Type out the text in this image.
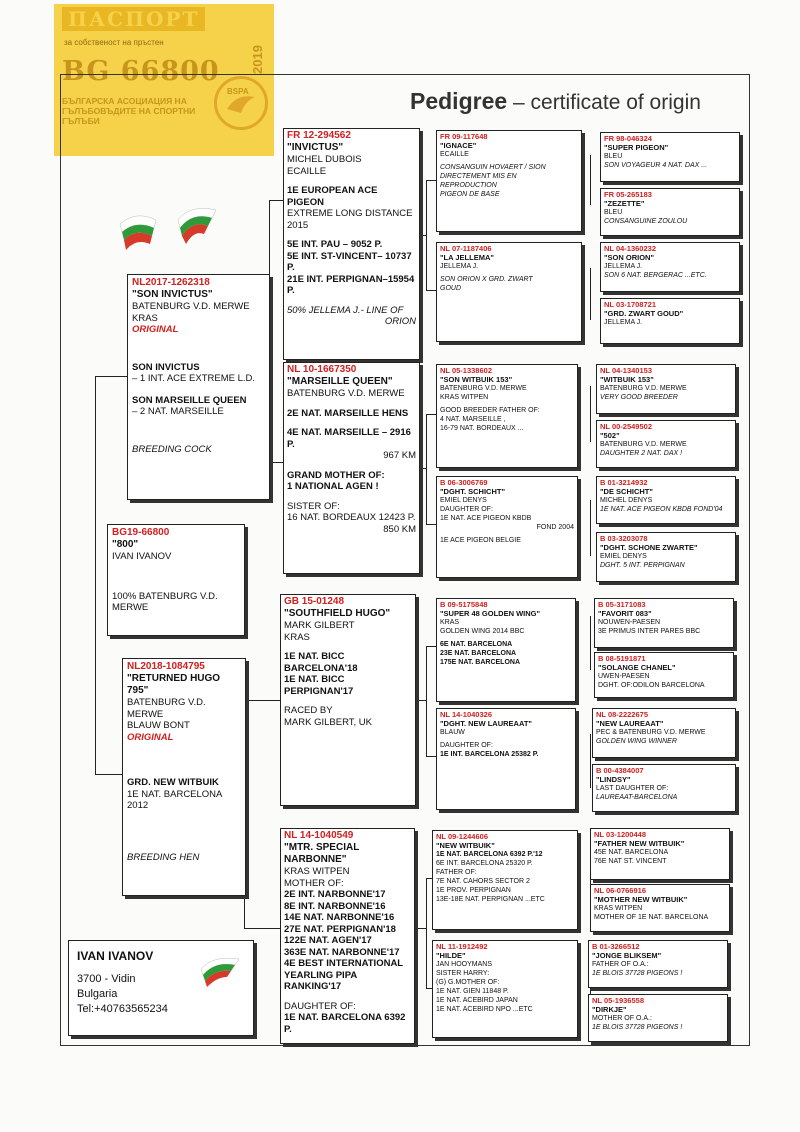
ПАСПОРТ
за собственост на пръстен
BG 66800 2019
БЪЛГАРСКА АСОЦИАЦИЯ НА ГЪЛЪБОВЪДИТЕ НА СПОРТНИ ГЪЛЪБИ
BSPA	Pedigree – certificate of origin
NL2017-1262318
"SON INVICTUS"
BATENBURG V.D. MERWE
KRAS
ORIGINAL
SON INVICTUS
– 1 INT. ACE EXTREME L.D.
SON MARSEILLE QUEEN
– 2 NAT. MARSEILLE
BREEDING COCK
BG19-66800
"800"
IVAN IVANOV
100% BATENBURG V.D. MERWE
NL2018-1084795
"RETURNED HUGO 795"
BATENBURG V.D. MERWE
BLAUW BONT
ORIGINAL
GRD. NEW WITBUIK
1E NAT. BARCELONA 2012
BREEDING HEN
IVAN IVANOV
3700 - Vidin
Bulgaria
Tel:+40763565234
FR 12-294562
"INVICTUS"
MICHEL DUBOIS
ECAILLE
1E EUROPEAN ACE PIGEON
EXTREME LONG DISTANCE
2015
5E INT. PAU – 9052 P.
5E INT. ST-VINCENT– 10737 P.
21E INT. PERPIGNAN–15954 P.
50% JELLEMA J.- LINE OF
ORION
NL 10-1667350
"MARSEILLE QUEEN"
BATENBURG V.D. MERWE
2E NAT. MARSEILLE HENS
4E NAT. MARSEILLE – 2916 P.
967 KM
GRAND MOTHER OF:
1 NATIONAL AGEN !
SISTER OF:
16 NAT. BORDEAUX 12423 P.
850 KM
GB 15-01248
"SOUTHFIELD HUGO"
MARK GILBERT
KRAS
1E NAT. BICC BARCELONA'18
1E NAT. BICC PERPIGNAN'17
RACED BY
MARK GILBERT, UK
NL 14-1040549
"MTR. SPECIAL NARBONNE"
KRAS WITPEN
MOTHER OF:
2E INT. NARBONNE'17
8E INT. NARBONNE'16
14E NAT. NARBONNE'16
27E NAT. PERPIGNAN'18
122E NAT. AGEN'17
363E NAT. NARBONNE'17
4E BEST INTERNATIONAL
YEARLING PIPA RANKING'17
DAUGHTER OF:
1E NAT. BARCELONA 6392 P.
FR 09-117648
"IGNACE"
ECAILLE
CONSANGUIN HOVAERT / SION
DIRECTEMENT MIS EN
REPRODUCTION
PIGEON DE BASE
NL 07-1187406
"LA JELLEMA"
JELLEMA J.
SON ORION X GRD. ZWART
GOUD
NL 05-1338602
"SON WITBUIK 153"
BATENBURG V.D. MERWE
KRAS WITPEN
GOOD BREEDER FATHER OF:
4 NAT. MARSEILLE ,
16-79 NAT. BORDEAUX ...
B 06-3006769
"DGHT. SCHICHT"
EMIEL DENYS
DAUGHTER OF:
1E NAT. ACE PIGEON KBDB
FOND 2004
1E ACE PIGEON BELGIE
B 09-5175848
"SUPER 48 GOLDEN WING"
KRAS
GOLDEN WING 2014 BBC
6E NAT. BARCELONA
23E NAT. BARCELONA
175E NAT. BARCELONA
NL 14-1040326
"DGHT. NEW LAUREAAT"
BLAUW
DAUGHTER OF:
1E INT. BARCELONA 25382 P.
NL 09-1244606
"NEW WITBUIK"
1E NAT. BARCELONA 6392 P.'12
6E INT. BARCELONA 25320 P.
FATHER OF:
7E NAT. CAHORS SECTOR 2
1E PROV. PERPIGNAN
13E-18E NAT. PERPIGNAN ...ETC
NL 11-1912492
"HILDE"
JAN HOOYMANS
SISTER HARRY:
(G) G.MOTHER OF:
1E NAT. GIEN 11848 P.
1E NAT. ACEBIRD JAPAN
1E NAT. ACEBIRD NPO ...ETC
FR 98-046324
"SUPER PIGEON"
BLEU
SON VOYAGEUR 4 NAT. DAX ...
FR 05-265183
"ZEZETTE"
BLEU
CONSANGUINE ZOULOU
NL 04-1360232
"SON ORION"
JELLEMA J.
SON 6 NAT. BERGERAC ...ETC.
NL 03-1708721
"GRD. ZWART GOUD"
JELLEMA J.
NL 04-1340153
"WITBUIK 153"
BATENBURG V.D. MERWE
VERY GOOD BREEDER
NL 00-2549502
"502"
BATENBURG V.D. MERWE
DAUGHTER 2 NAT. DAX !
B 01-3214932
"DE SCHICHT"
MICHEL DENYS
1E NAT. ACE PIGEON KBDB FOND'04
B 03-3203078
"DGHT. SCHONE ZWARTE"
EMIEL DENYS
DGHT. 5 INT. PERPIGNAN
B 05-3171083
"FAVORIT 083"
NOUWEN-PAESEN
3E PRIMUS INTER PARES BBC
B 08-5191871
"SOLANGE CHANEL"
UWEN-PAESEN
DGHT. OF:ODILON BARCELONA
NL 08-2222675
"NEW LAUREAAT"
PEC & BATENBURG V.D. MERWE
GOLDEN WING WINNER
B 00-4384007
"LINDSY"
LAST DAUGHTER OF:
LAUREAAT-BARCELONA
NL 03-1200448
"FATHER NEW WITBUIK"
45E NAT. BARCELONA
76E NAT ST. VINCENT
NL 06-0766916
"MOTHER NEW WITBUIK"
KRAS WITPEN
MOTHER OF 1E NAT. BARCELONA
B 01-3266512
"JONGE BLIKSEM"
FATHER OF O.A.:
1E BLOIS 37728 PIGEONS !
NL 05-1936558
"DIRKJE"
MOTHER OF O.A.:
1E BLOIS 37728 PIGEONS !
